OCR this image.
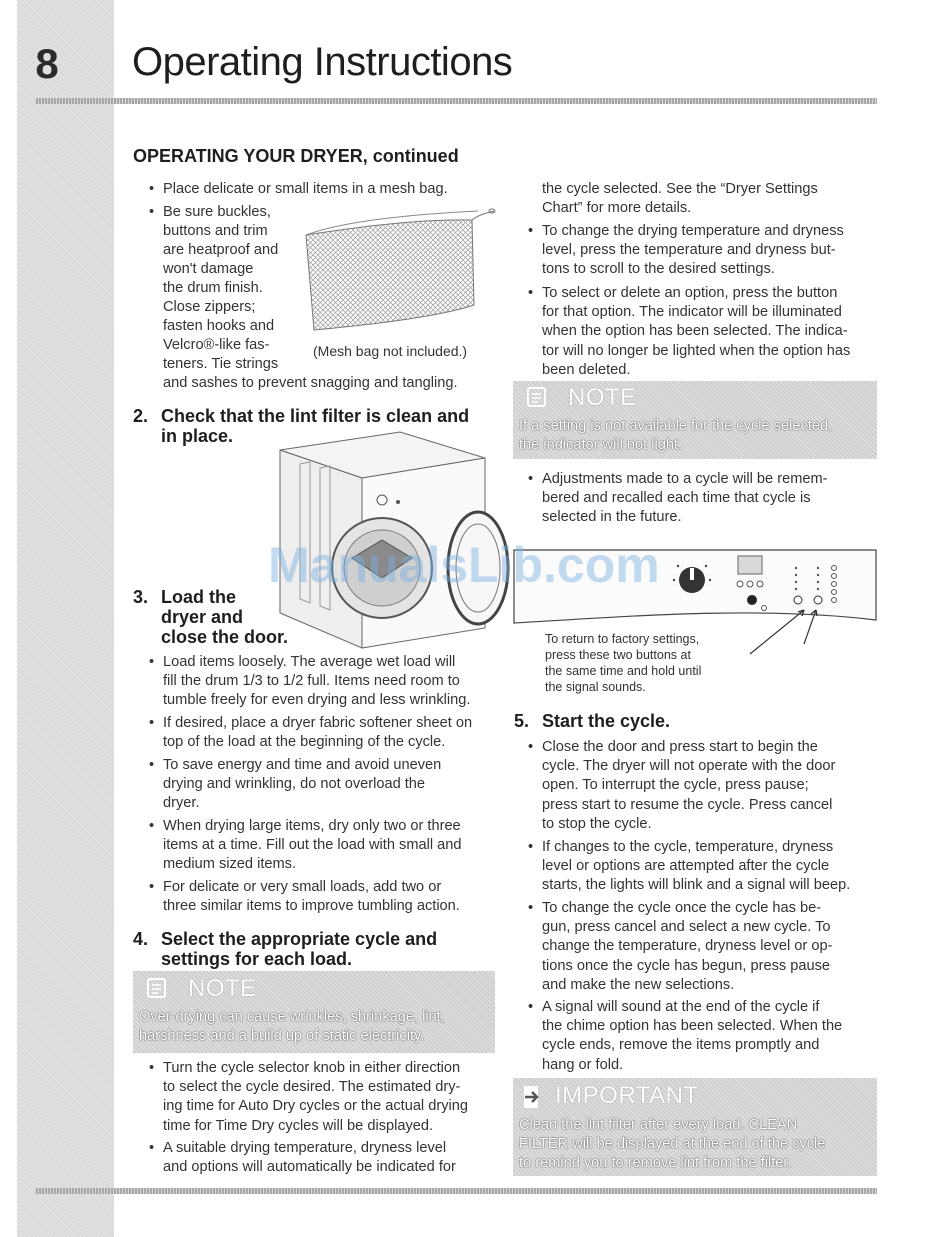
8	Operating Instructions
OPERATING YOUR DRYER, continued
• Place delicate or small items in a mesh bag.
• Be sure buckles,
buttons and trim
are heatproof and
won't damage
the drum finish.
Close zippers;
fasten hooks and
Velcro®-like fas-
teners. Tie strings
and sashes to prevent snagging and tangling.
(Mesh bag not included.)
2. Check that the lint filter is clean and
in place.
3. Load the
dryer and
close the door.
• Load items loosely. The average wet load will
fill the drum 1/3 to 1/2 full. Items need room to
tumble freely for even drying and less wrinkling.
• If desired, place a dryer fabric softener sheet on
top of the load at the beginning of the cycle.
• To save energy and time and avoid uneven
drying and wrinkling, do not overload the
dryer.
• When drying large items, dry only two or three
items at a time. Fill out the load with small and
medium sized items.
• For delicate or very small loads, add two or
three similar items to improve tumbling action.
4. Select the appropriate cycle and
settings for each load.
NOTE
Over-drying can cause wrinkles, shrinkage, lint,
harshness and a build up of static electricity.
• Turn the cycle selector knob in either direction
to select the cycle desired. The estimated dry-
ing time for Auto Dry cycles or the actual drying
time for Time Dry cycles will be displayed.
• A suitable drying temperature, dryness level
and options will automatically be indicated for
the cycle selected. See the “Dryer Settings
Chart” for more details.
• To change the drying temperature and dryness
level, press the temperature and dryness but-
tons to scroll to the desired settings.
• To select or delete an option, press the button
for that option. The indicator will be illuminated
when the option has been selected. The indica-
tor will no longer be lighted when the option has
been deleted.
NOTE
If a setting is not available for the cycle selected,
the indicator will not light.
• Adjustments made to a cycle will be remem-
bered and recalled each time that cycle is
selected in the future.
To return to factory settings,
press these two buttons at
the same time and hold until
the signal sounds.
5. Start the cycle.
• Close the door and press start to begin the
cycle. The dryer will not operate with the door
open. To interrupt the cycle, press pause;
press start to resume the cycle. Press cancel
to stop the cycle.
• If changes to the cycle, temperature, dryness
level or options are attempted after the cycle
starts, the lights will blink and a signal will beep.
• To change the cycle once the cycle has be-
gun, press cancel and select a new cycle. To
change the temperature, dryness level or op-
tions once the cycle has begun, press pause
and make the new selections.
• A signal will sound at the end of the cycle if
the chime option has been selected. When the
cycle ends, remove the items promptly and
hang or fold.
IMPORTANT
Clean the lint filter after every load. CLEAN
FILTER will be displayed at the end of the cycle
to remind you to remove lint from the filter.
ManualsLib.com
